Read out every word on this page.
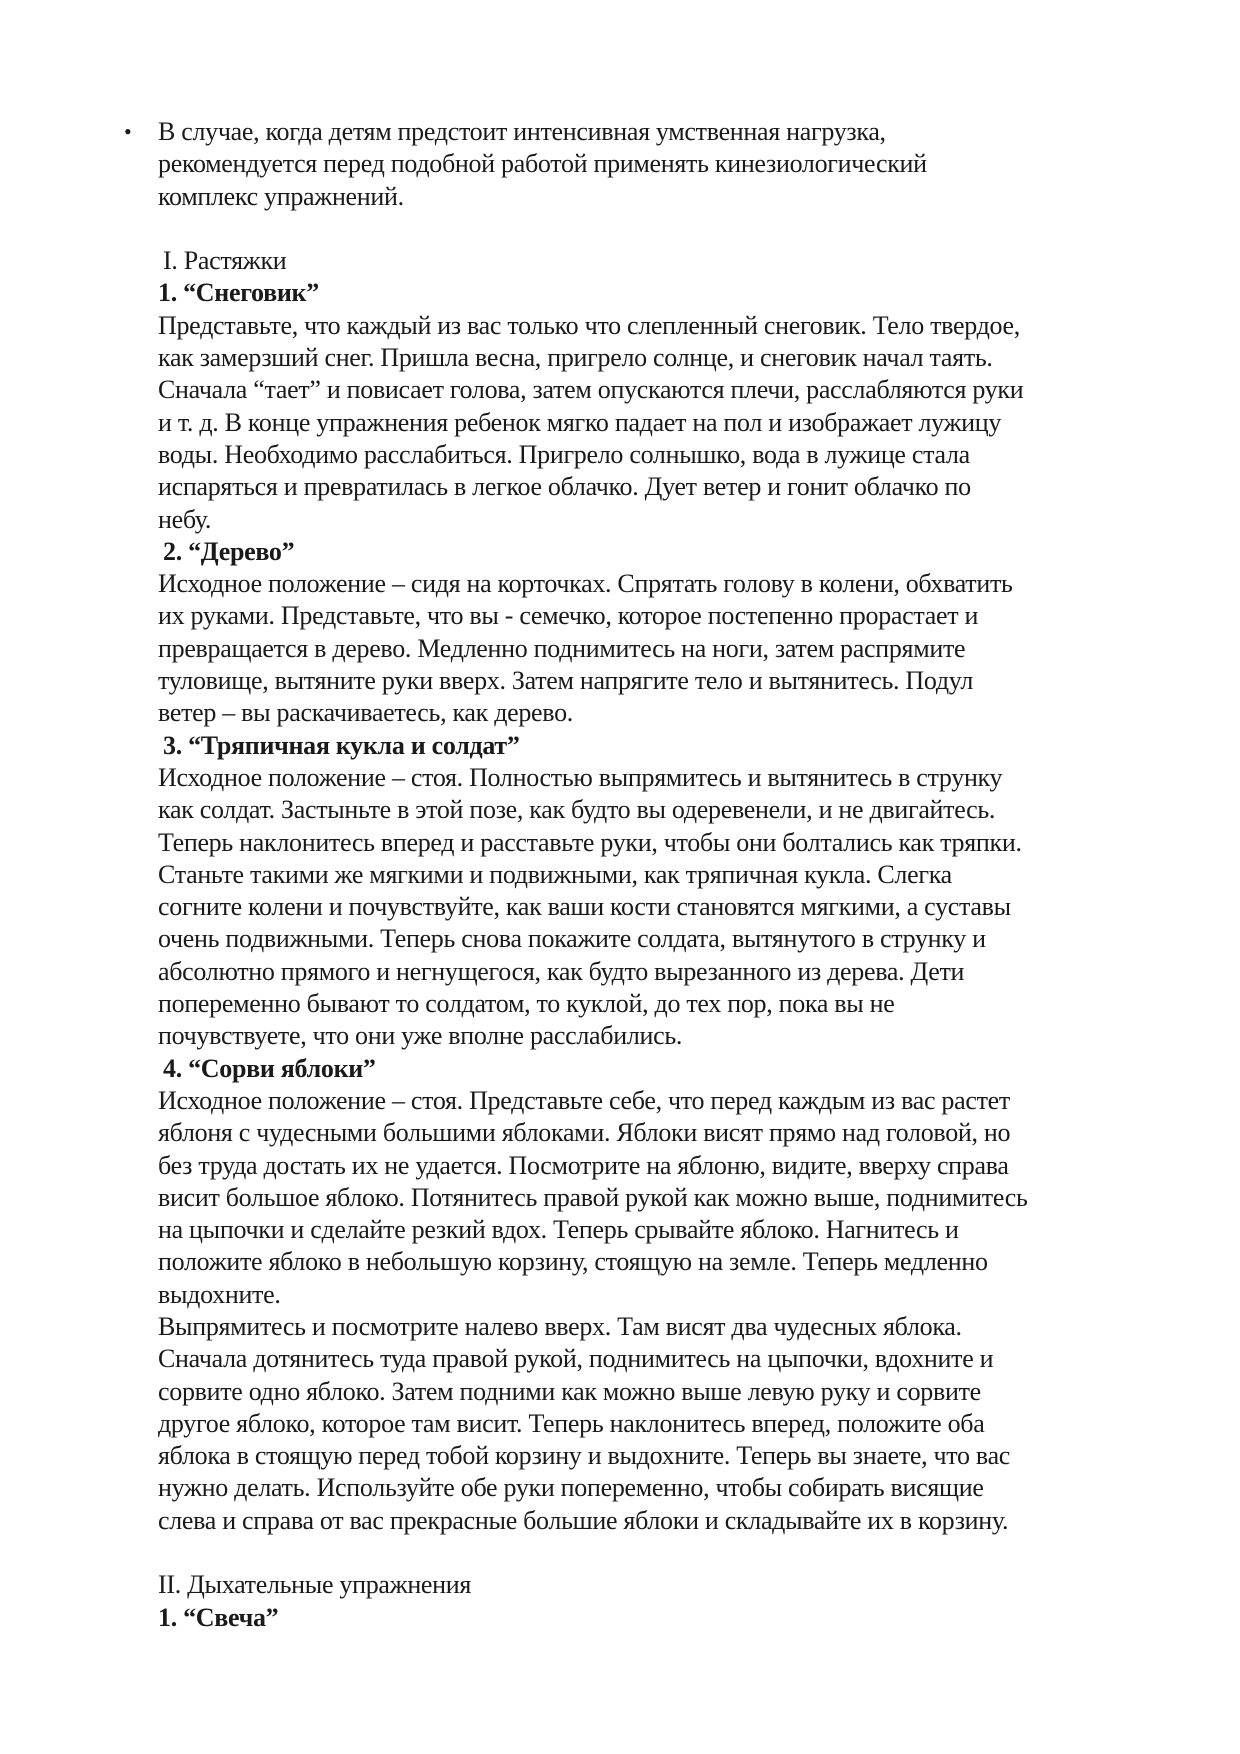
• В случае, когда детям предстоит интенсивная умственная нагрузка,
рекомендуется перед подобной работой применять кинезиологический
комплекс упражнений.
I. Растяжки
1. “Снеговик”
Представьте, что каждый из вас только что слепленный снеговик. Тело твердое,
как замерзший снег. Пришла весна, пригрело солнце, и снеговик начал таять.
Сначала “тает” и повисает голова, затем опускаются плечи, расслабляются руки
и т. д. В конце упражнения ребенок мягко падает на пол и изображает лужицу
воды. Необходимо расслабиться. Пригрело солнышко, вода в лужице стала
испаряться и превратилась в легкое облачко. Дует ветер и гонит облачко по
небу.
2. “Дерево”
Исходное положение – сидя на корточках. Спрятать голову в колени, обхватить
их руками. Представьте, что вы - семечко, которое постепенно прорастает и
превращается в дерево. Медленно поднимитесь на ноги, затем распрямите
туловище, вытяните руки вверх. Затем напрягите тело и вытянитесь. Подул
ветер – вы раскачиваетесь, как дерево.
3. “Тряпичная кукла и солдат”
Исходное положение – стоя. Полностью выпрямитесь и вытянитесь в струнку
как солдат. Застыньте в этой позе, как будто вы одеревенели, и не двигайтесь.
Теперь наклонитесь вперед и расставьте руки, чтобы они болтались как тряпки.
Станьте такими же мягкими и подвижными, как тряпичная кукла. Слегка
согните колени и почувствуйте, как ваши кости становятся мягкими, а суставы
очень подвижными. Теперь снова покажите солдата, вытянутого в струнку и
абсолютно прямого и негнущегося, как будто вырезанного из дерева. Дети
попеременно бывают то солдатом, то куклой, до тех пор, пока вы не
почувствуете, что они уже вполне расслабились.
4. “Сорви яблоки”
Исходное положение – стоя. Представьте себе, что перед каждым из вас растет
яблоня с чудесными большими яблоками. Яблоки висят прямо над головой, но
без труда достать их не удается. Посмотрите на яблоню, видите, вверху справа
висит большое яблоко. Потянитесь правой рукой как можно выше, поднимитесь
на цыпочки и сделайте резкий вдох. Теперь срывайте яблоко. Нагнитесь и
положите яблоко в небольшую корзину, стоящую на земле. Теперь медленно
выдохните.
Выпрямитесь и посмотрите налево вверх. Там висят два чудесных яблока.
Сначала дотянитесь туда правой рукой, поднимитесь на цыпочки, вдохните и
сорвите одно яблоко. Затем подними как можно выше левую руку и сорвите
другое яблоко, которое там висит. Теперь наклонитесь вперед, положите оба
яблока в стоящую перед тобой корзину и выдохните. Теперь вы знаете, что вас
нужно делать. Используйте обе руки попеременно, чтобы собирать висящие
слева и справа от вас прекрасные большие яблоки и складывайте их в корзину.
II. Дыхательные упражнения
1. “Свеча”
